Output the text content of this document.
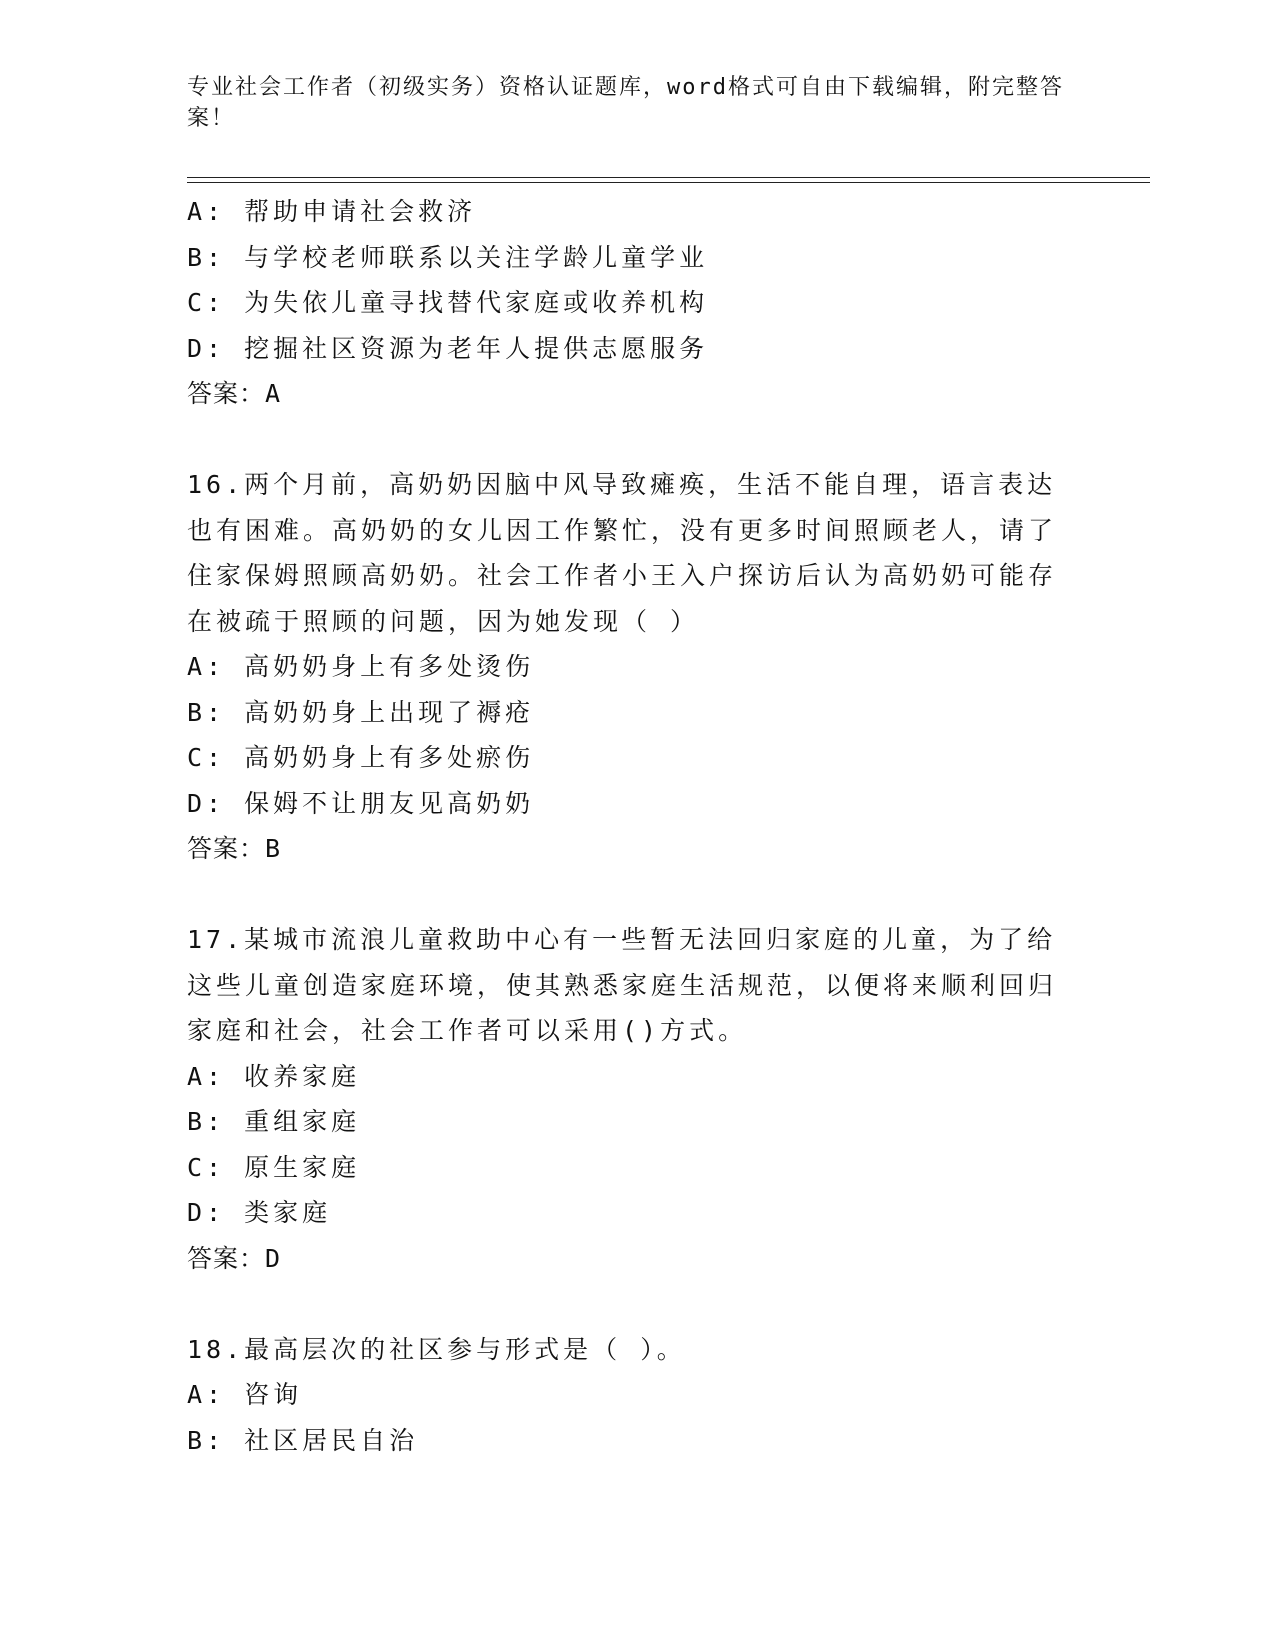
专业社会工作者（初级实务）资格认证题库，word格式可自由下载编辑，附完整答案！
A: 帮助申请社会救济
B: 与学校老师联系以关注学龄儿童学业
C: 为失依儿童寻找替代家庭或收养机构
D: 挖掘社区资源为老年人提供志愿服务
答案：A
16.两个月前，高奶奶因脑中风导致瘫痪，生活不能自理，语言表达也有困难。高奶奶的女儿因工作繁忙，没有更多时间照顾老人，请了住家保姆照顾高奶奶。社会工作者小王入户探访后认为高奶奶可能存在被疏于照顾的问题，因为她发现（ ）
A: 高奶奶身上有多处烫伤
B: 高奶奶身上出现了褥疮
C: 高奶奶身上有多处瘀伤
D: 保姆不让朋友见高奶奶
答案：B
17.某城市流浪儿童救助中心有一些暂无法回归家庭的儿童，为了给这些儿童创造家庭环境，使其熟悉家庭生活规范，以便将来顺利回归家庭和社会，社会工作者可以采用()方式。
A: 收养家庭
B: 重组家庭
C: 原生家庭
D: 类家庭
答案：D
18.最高层次的社区参与形式是（ ）。
A: 咨询
B: 社区居民自治
